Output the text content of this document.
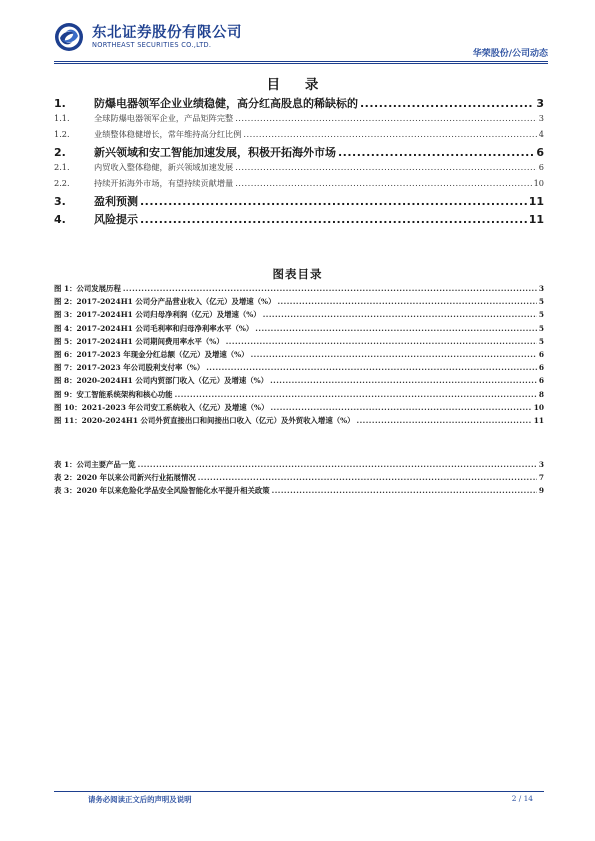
东北证券股份有限公司
NORTHEAST SECURITIES CO.,LTD.
华荣股份/公司动态
目 录
1.	防爆电器领军企业业绩稳健，高分红高股息的稀缺标的 .....	3
1.1.	全球防爆电器领军企业，产品矩阵完整 .....	3
1.2.	业绩整体稳健增长，常年维持高分红比例 .....	4
2.	新兴领域和安工智能加速发展，积极开拓海外市场 .....	6
2.1.	内贸收入整体稳健，新兴领域加速发展 .....	6
2.2.	持续开拓海外市场，有望持续贡献增量 .....	10
3.	盈利预测 .....	11
4.	风险提示 .....	11
图表目录
图 1：公司发展历程 .....	3
图 2：2017-2024H1 公司分产品营业收入（亿元）及增速（%） .....	5
图 3：2017-2024H1 公司归母净利润（亿元）及增速（%） .....	5
图 4：2017-2024H1 公司毛利率和归母净利率水平（%） .....	5
图 5：2017-2024H1 公司期间费用率水平（%） .....	5
图 6：2017-2023 年现金分红总额（亿元）及增速（%） .....	6
图 7：2017-2023 年公司股利支付率（%） .....	6
图 8：2020-2024H1 公司内贸部门收入（亿元）及增速（%） .....	6
图 9：安工智能系统架构和核心功能 .....	8
图 10：2021-2023 年公司安工系统收入（亿元）及增速（%） .....	10
图 11：2020-2024H1 公司外贸直接出口和间接出口收入（亿元）及外贸收入增速（%） .....	11
表 1：公司主要产品一览 .....	3
表 2：2020 年以来公司新兴行业拓展情况 .....	7
表 3：2020 年以来危险化学品安全风险智能化水平提升相关政策 .....	9
请务必阅读正文后的声明及说明	2 / 14
